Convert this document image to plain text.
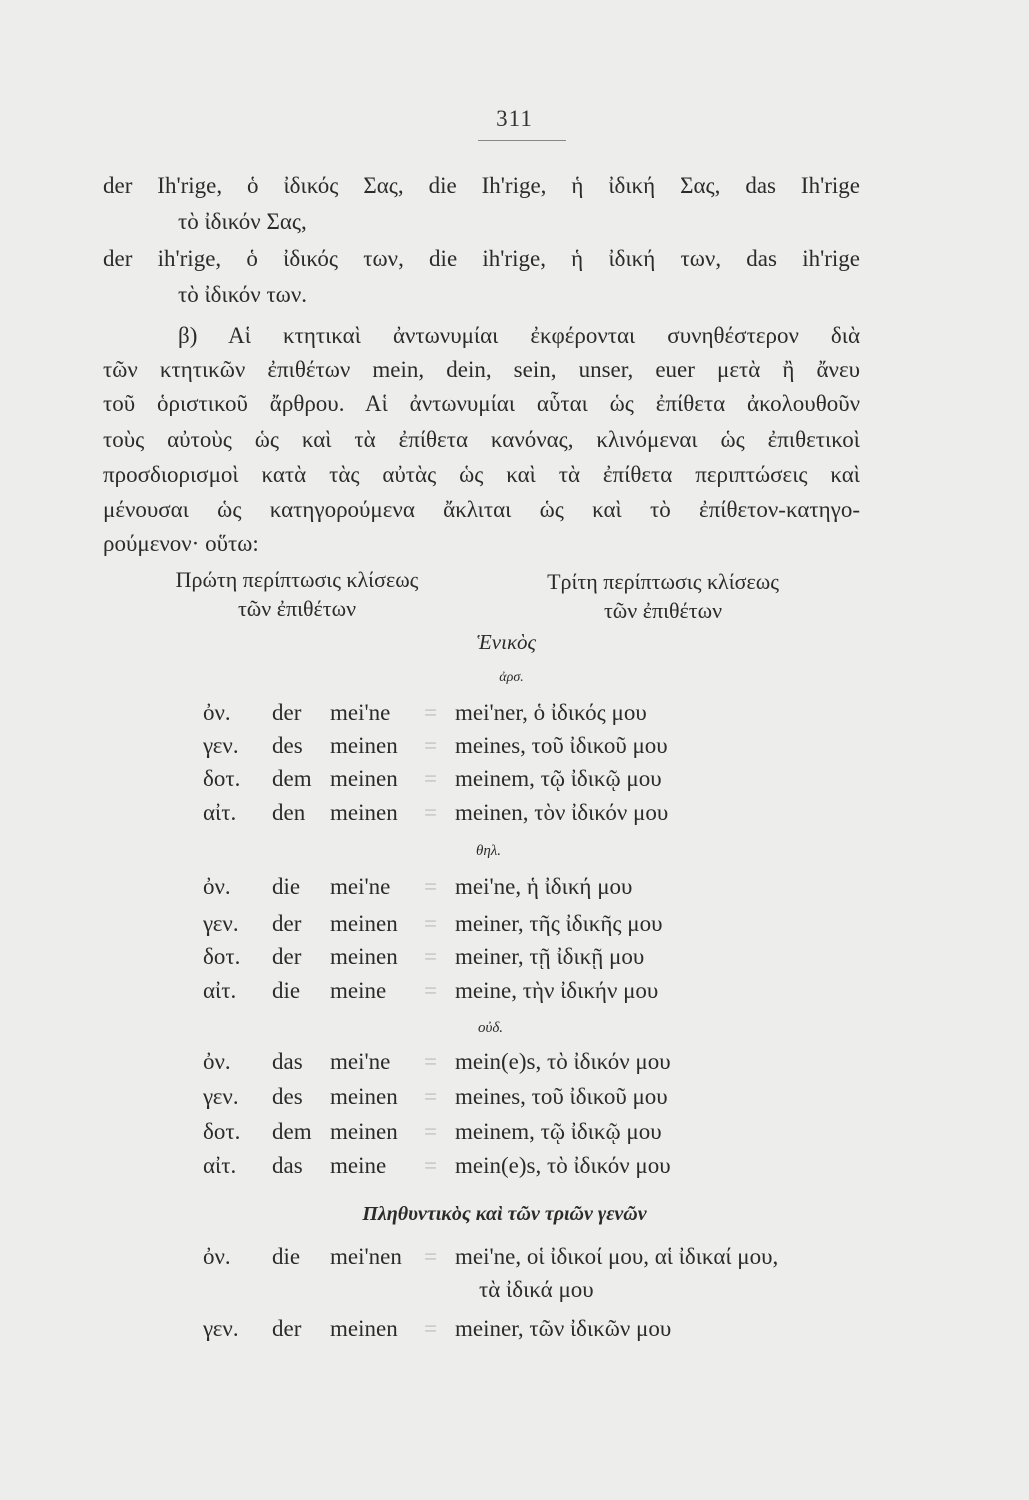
311
der Ih'rige, ὁ ἰδικός Σας, die Ih'rige, ἡ ἰδική Σας, das Ih'rige
τὸ ἰδικόν Σας,
der ih'rige, ὁ ἰδικός των, die ih'rige, ἡ ἰδική των, das ih'rige
τὸ ἰδικόν των.
β) Αἱ κτητικαὶ ἀντωνυμίαι ἐκφέρονται συνηθέστερον διὰ
τῶν κτητικῶν ἐπιθέτων mein, dein, sein, unser, euer μετὰ ἢ ἄνευ
τοῦ ὁριστικοῦ ἄρθρου. Αἱ ἀντωνυμίαι αὗται ὡς ἐπίθετα ἀκολουθοῦν
τοὺς αὐτοὺς ὡς καὶ τὰ ἐπίθετα κανόνας, κλινόμεναι ὡς ἐπιθετικοὶ
προσδιορισμοὶ κατὰ τὰς αὐτὰς ὡς καὶ τὰ ἐπίθετα περιπτώσεις καὶ
μένουσαι ὡς κατηγορούμενα ἄκλιται ὡς καὶ τὸ ἐπίθετον-κατηγο-
ρούμενον· οὕτω:
Πρώτη περίπτωσις κλίσεως
τῶν ἐπιθέτων
Τρίτη περίπτωσις κλίσεως
τῶν ἐπιθέτων
Ἑνικὸς
ἀρσ.
ὀν. der mei'ne = mei'ner, ὁ ἰδικός μου
γεν. des meinen = meines, τοῦ ἰδικοῦ μου
δοτ. dem meinen = meinem, τῷ ἰδικῷ μου
αἰτ. den meinen = meinen, τὸν ἰδικόν μου
θηλ.
ὀν. die mei'ne = mei'ne, ἡ ἰδική μου
γεν. der meinen = meiner, τῆς ἰδικῆς μου
δοτ. der meinen = meiner, τῇ ἰδικῇ μου
αἰτ. die meine = meine, τὴν ἰδικήν μου
οὐδ.
ὀν. das mei'ne = mein(e)s, τὸ ἰδικόν μου
γεν. des meinen = meines, τοῦ ἰδικοῦ μου
δοτ. dem meinen = meinem, τῷ ἰδικῷ μου
αἰτ. das meine = mein(e)s, τὸ ἰδικόν μου
Πληθυντικὸς καὶ τῶν τριῶν γενῶν
ὀν. die mei'nen = mei'ne, οἱ ἰδικοί μου, αἱ ἰδικαί μου,
τὰ ἰδικά μου
γεν. der meinen = meiner, τῶν ἰδικῶν μου
